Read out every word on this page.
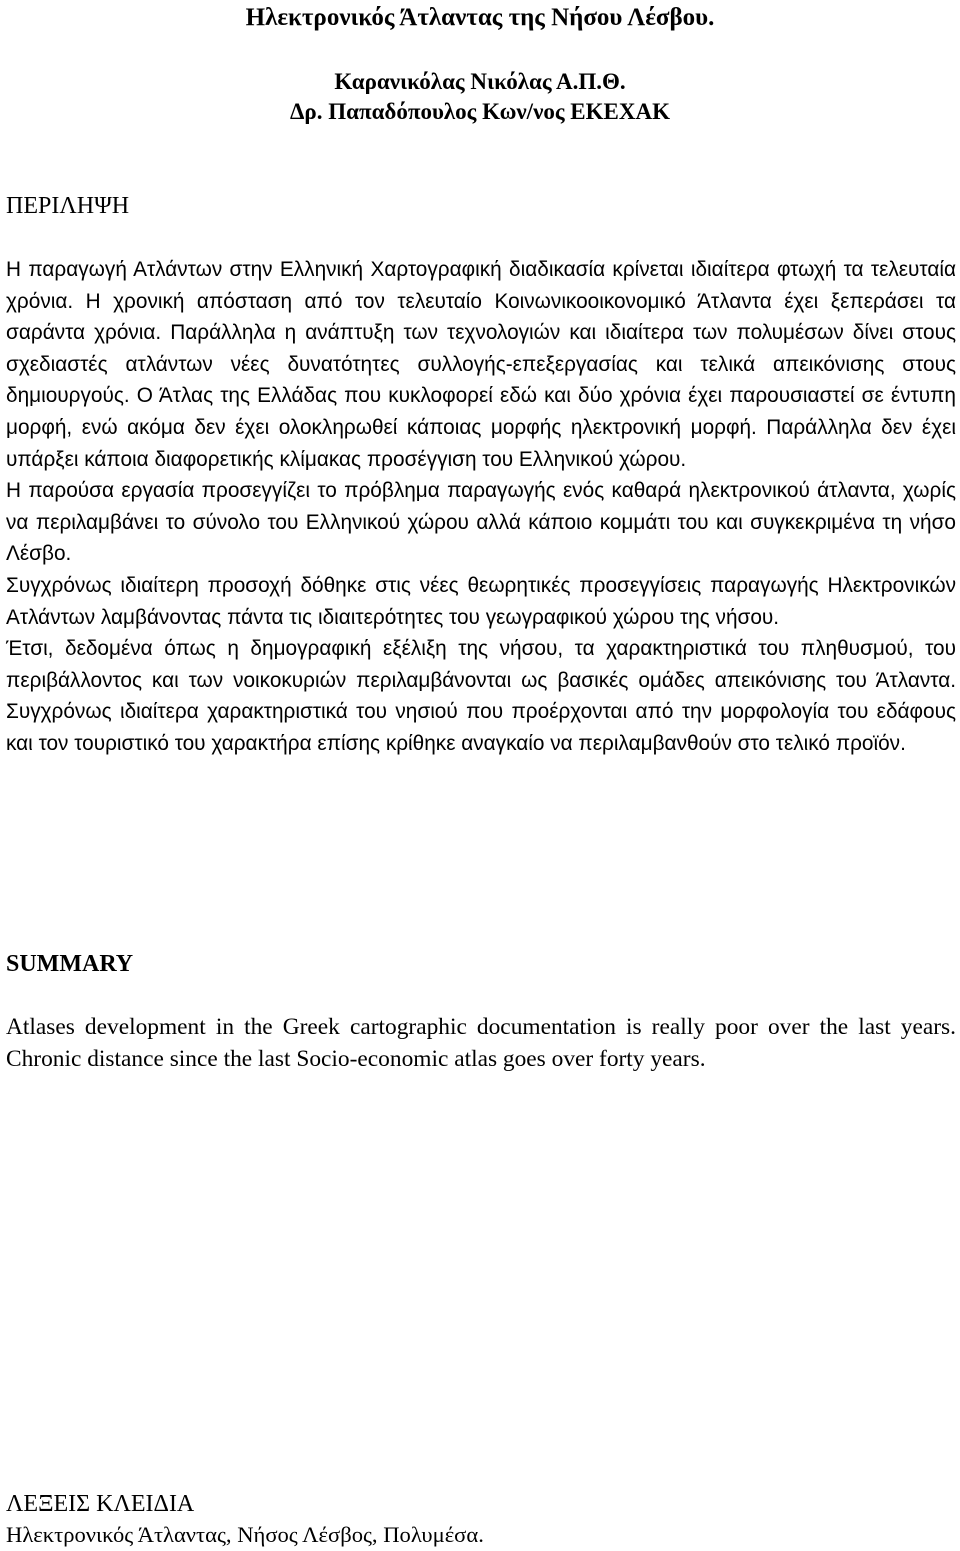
Ηλεκτρονικός Άτλαντας της Νήσου Λέσβου.
Καρανικόλας Νικόλας Α.Π.Θ.
Δρ. Παπαδόπουλος Κων/νος ΕΚΕΧΑΚ
ΠΕΡΙΛΗΨΗ

Η παραγωγή Ατλάντων στην Ελληνική Χαρτογραφική διαδικασία κρίνεται ιδιαίτερα φτωχή τα τελευταία χρόνια. Η χρονική απόσταση από τον τελευταίο Κοινωνικοοικονομικό Άτλαντα έχει ξεπεράσει τα σαράντα χρόνια. Παράλληλα η ανάπτυξη των τεχνολογιών και ιδιαίτερα των πολυμέσων δίνει στους σχεδιαστές ατλάντων νέες δυνατότητες συλλογής-επεξεργασίας και τελικά απεικόνισης στους δημιουργούς. Ο Άτλας της Ελλάδας που κυκλοφορεί εδώ και δύο χρόνια έχει παρουσιαστεί σε έντυπη μορφή, ενώ ακόμα δεν έχει ολοκληρωθεί κάποιας μορφής ηλεκτρονική μορφή. Παράλληλα δεν έχει υπάρξει κάποια διαφορετικής κλίμακας προσέγγιση του Ελληνικού χώρου.

Η παρούσα εργασία προσεγγίζει το πρόβλημα παραγωγής ενός καθαρά ηλεκτρονικού άτλαντα, χωρίς να περιλαμβάνει το σύνολο του Ελληνικού χώρου αλλά κάποιο κομμάτι του και συγκεκριμένα τη νήσο Λέσβο.

Συγχρόνως ιδιαίτερη προσοχή δόθηκε στις νέες θεωρητικές προσεγγίσεις παραγωγής Ηλεκτρονικών Ατλάντων λαμβάνοντας πάντα τις ιδιαιτερότητες του γεωγραφικού χώρου της νήσου.

Έτσι, δεδομένα όπως η δημογραφική εξέλιξη της νήσου, τα χαρακτηριστικά του πληθυσμού, του περιβάλλοντος και των νοικοκυριών περιλαμβάνονται ως βασικές ομάδες απεικόνισης του Άτλαντα. Συγχρόνως ιδιαίτερα χαρακτηριστικά του νησιού που προέρχονται από την μορφολογία του εδάφους και τον τουριστικό του χαρακτήρα επίσης κρίθηκε αναγκαίο να περιλαμβανθούν στο τελικό προϊόν.

SUMMARY
Atlases development in the Greek cartographic documentation is really poor over the last years. Chronic distance since the last Socio-economic atlas goes over forty years.
ΛΕΞΕΙΣ ΚΛΕΙΔΙΑ
Ηλεκτρονικός Άτλαντας, Νήσος Λέσβος, Πολυμέσα.
